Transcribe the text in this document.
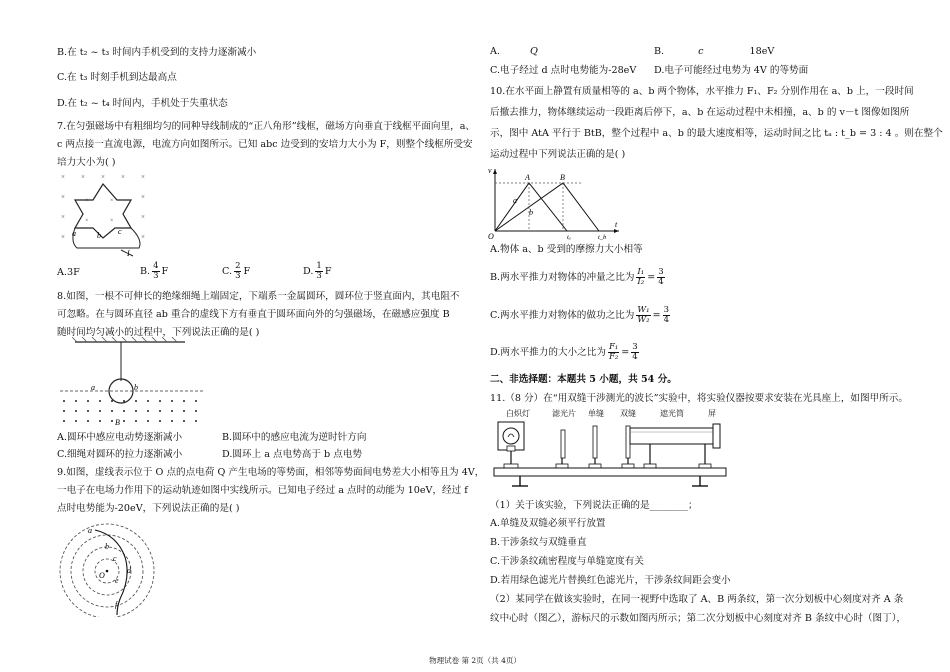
B.在 t₂ ~ t₃ 时间内手机受到的支持力逐渐减小
C.在 t₃ 时刻手机到达最高点
D.在 t₂ ~ t₄ 时间内，手机处于失重状态
7.在匀强磁场中有粗细均匀的同种导线制成的“正八角形”线框，磁场方向垂直于线框平面向里，a、
c 两点接一直流电源，电流方向如图所示。已知 abc 边受到的安培力大小为 F，则整个线框所受安
培力大小为( )
× × × × ×
×	×
×	×
×	×
×	×
×	×
a	b c
I
A.3F	B. $\frac{4}{3}$ F	C. $\frac{2}{3}$ F	D. $\frac{1}{3}$ F
8.如图，一根不可伸长的绝缘细绳上端固定，下端系一金属圆环，圆环位于竖直面内，其电阻不
可忽略。在与圆环直径 ab 重合的虚线下方有垂直于圆环面向外的匀强磁场，在磁感应强度 B
随时间均匀减小的过程中，下列说法正确的是( )
a	b
B
A.圆环中感应电动势逐渐减小	B.圆环中的感应电流为逆时针方向
C.细绳对圆环的拉力逐渐减小	D.圆环上 a 点电势高于 b 点电势
9.如图，虚线表示位于 O 点的点电荷 Q 产生电场的等势面，相邻等势面间电势差大小相等且为 4V，
一电子在电场力作用下的运动轨迹如图中实线所示。已知电子经过 a 点时的动能为 10eV，经过 f
点时电势能为-20eV，下列说法正确的是( )
a
b
c
d
e
f
O
A.	Q	B.	c	18eV
C.电子经过 d 点时电势能为-28eV D.电子可能经过电势为 4V 的等势面
10.在水平面上静置有质量相等的 a、b 两个物体，水平推力 F₁、F₂ 分别作用在 a、b 上，一段时间
后撤去推力，物体继续运动一段距离后停下，a、b 在运动过程中未相撞，a、b 的 v－t 图像如图所
示，图中 AtA 平行于 BtB，整个过程中 a、b 的最大速度相等，运动时间之比 tₐ : t_b = 3 : 4 。则在整个
运动过程中下列说法正确的是( )
v
t
O
A	B
a
b
tₐ	t_b
A.物体 a、b 受到的摩擦力大小相等
B.两水平推力对物体的冲量之比为 $\frac{\text{I₁}}{\text{I₂}} = \frac{3}{4}$
C.两水平推力对物体的做功之比为 $\frac{\text{W₁}}{\text{W₂}} = \frac{3}{4}$
D.两水平推力的大小之比为 $\frac{\text{F₁}}{\text{F₂}} = \frac{3}{4}$
二、非选择题：本题共 5 小题，共 54 分。
11.（8 分）在“用双缝干涉测光的波长”实验中，将实验仪器按要求安装在光具座上，如图甲所示。
白炽灯	滤光片 单缝 双缝	遮光筒	屏
（1）关于该实验，下列说法正确的是________；
A.单缝及双缝必须平行放置
B.干涉条纹与双缝垂直
C.干涉条纹疏密程度与单缝宽度有关
D.若用绿色滤光片替换红色滤光片，干涉条纹间距会变小
（2）某同学在做该实验时，在同一视野中选取了 A、B 两条纹，第一次分划板中心刻度对齐 A 条
纹中心时（图乙），游标尺的示数如图丙所示；第二次分划板中心刻度对齐 B 条纹中心时（图丁），
物理试卷 第 2页（共 4页）
